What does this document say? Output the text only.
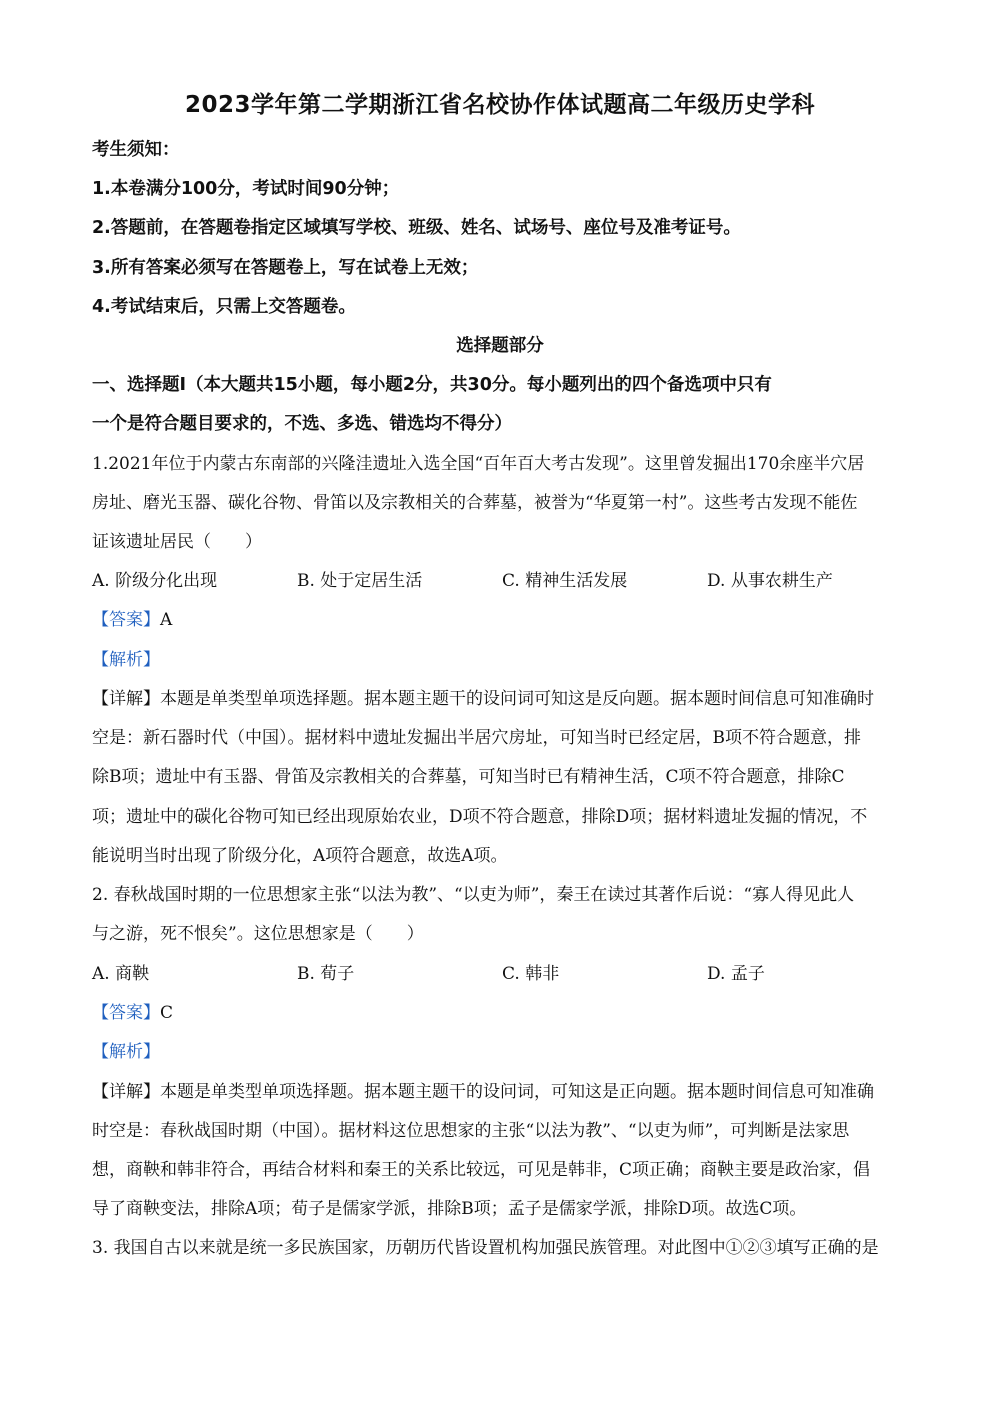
2023学年第二学期浙江省名校协作体试题高二年级历史学科
考生须知：
1.本卷满分100分，考试时间90分钟；
2.答题前，在答题卷指定区域填写学校、班级、姓名、试场号、座位号及准考证号。
3.所有答案必须写在答题卷上，写在试卷上无效；
4.考试结束后，只需上交答题卷。
选择题部分
一、选择题Ⅰ（本大题共15小题，每小题2分，共30分。每小题列出的四个备选项中只有
一个是符合题目要求的，不选、多选、错选均不得分）
1.2021年位于内蒙古东南部的兴隆洼遗址入选全国“百年百大考古发现”。这里曾发掘出170余座半穴居
房址、磨光玉器、碳化谷物、骨笛以及宗教相关的合葬墓，被誉为“华夏第一村”。这些考古发现不能佐
证该遗址居民（　　）
A. 阶级分化出现	B. 处于定居生活	C. 精神生活发展	D. 从事农耕生产
【答案】A
【解析】
【详解】本题是单类型单项选择题。据本题主题干的设问词可知这是反向题。据本题时间信息可知准确时
空是：新石器时代（中国）。据材料中遗址发掘出半居穴房址，可知当时已经定居，B项不符合题意，排
除B项；遗址中有玉器、骨笛及宗教相关的合葬墓，可知当时已有精神生活，C项不符合题意，排除C
项；遗址中的碳化谷物可知已经出现原始农业，D项不符合题意，排除D项；据材料遗址发掘的情况，不
能说明当时出现了阶级分化，A项符合题意，故选A项。
2. 春秋战国时期的一位思想家主张“以法为教”、“以吏为师”，秦王在读过其著作后说：“寡人得见此人
与之游，死不恨矣”。这位思想家是（　　）
A. 商鞅	B. 荀子	C. 韩非	D. 孟子
【答案】C
【解析】
【详解】本题是单类型单项选择题。据本题主题干的设问词，可知这是正向题。据本题时间信息可知准确
时空是：春秋战国时期（中国）。据材料这位思想家的主张“以法为教”、“以吏为师”，可判断是法家思
想，商鞅和韩非符合，再结合材料和秦王的关系比较远，可见是韩非，C项正确；商鞅主要是政治家，倡
导了商鞅变法，排除A项；荀子是儒家学派，排除B项；孟子是儒家学派，排除D项。故选C项。
3. 我国自古以来就是统一多民族国家，历朝历代皆设置机构加强民族管理。对此图中①②③填写正确的是
